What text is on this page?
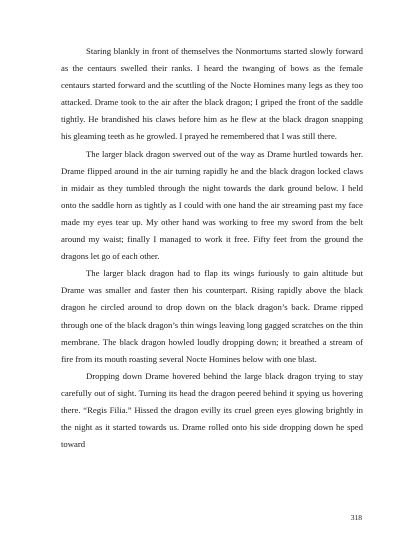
Staring blankly in front of themselves the Nonmortums started slowly forward as the centaurs swelled their ranks. I heard the twanging of bows as the female centaurs started forward and the scuttling of the Nocte Homines many legs as they too attacked. Drame took to the air after the black dragon; I griped the front of the saddle tightly. He brandished his claws before him as he flew at the black dragon snapping his gleaming teeth as he growled. I prayed he remembered that I was still there.

The larger black dragon swerved out of the way as Drame hurtled towards her. Drame flipped around in the air turning rapidly he and the black dragon locked claws in midair as they tumbled through the night towards the dark ground below. I held onto the saddle horn as tightly as I could with one hand the air streaming past my face made my eyes tear up. My other hand was working to free my sword from the belt around my waist; finally I managed to work it free. Fifty feet from the ground the dragons let go of each other.

The larger black dragon had to flap its wings furiously to gain altitude but Drame was smaller and faster then his counterpart. Rising rapidly above the black dragon he circled around to drop down on the black dragon’s back. Drame ripped through one of the black dragon’s thin wings leaving long gagged scratches on the thin membrane. The black dragon howled loudly dropping down; it breathed a stream of fire from its mouth roasting several Nocte Homines below with one blast.

Dropping down Drame hovered behind the large black dragon trying to stay carefully out of sight. Turning its head the dragon peered behind it spying us hovering there. “Regis Filia.” Hissed the dragon evilly its cruel green eyes glowing brightly in the night as it started towards us. Drame rolled onto his side dropping down he sped toward

318
